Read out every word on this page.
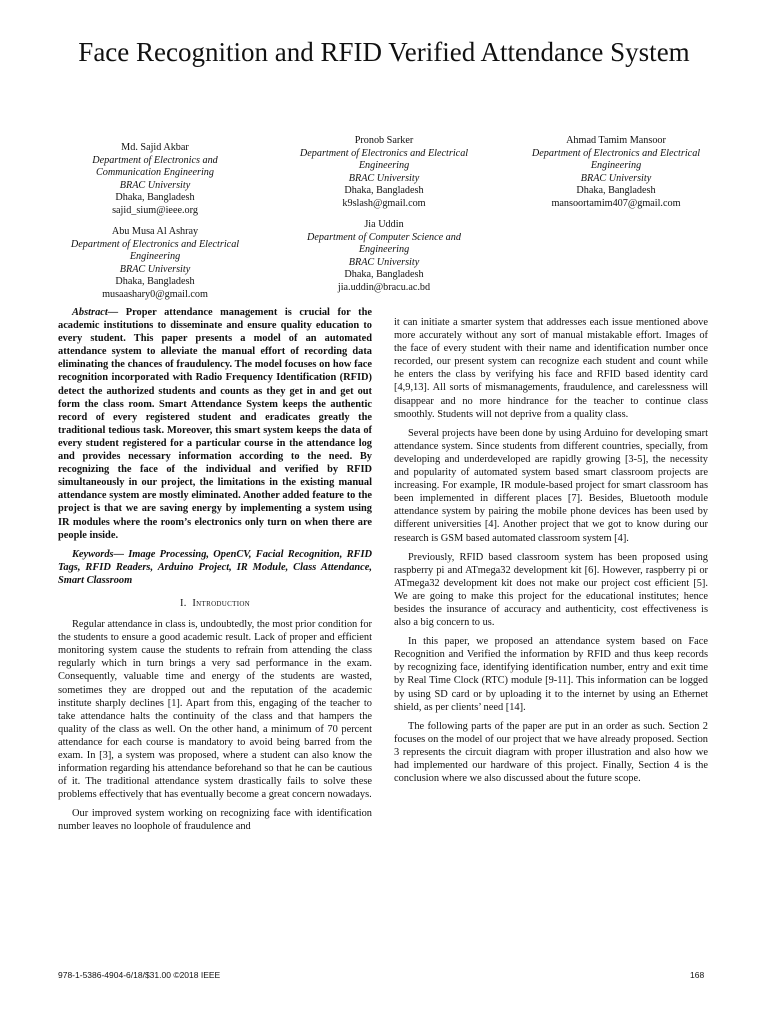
Face Recognition and RFID Verified Attendance System
Md. Sajid Akbar
Department of Electronics and Communication Engineering
BRAC University
Dhaka, Bangladesh
sajid_sium@ieee.org
Pronob Sarker
Department of Electronics and Electrical Engineering
BRAC University
Dhaka, Bangladesh
k9slash@gmail.com
Ahmad Tamim Mansoor
Department of Electronics and Electrical Engineering
BRAC University
Dhaka, Bangladesh
mansoortamim407@gmail.com
Abu Musa Al Ashray
Department of Electronics and Electrical Engineering
BRAC University
Dhaka, Bangladesh
musaashary0@gmail.com
Jia Uddin
Department of Computer Science and Engineering
BRAC University
Dhaka, Bangladesh
jia.uddin@bracu.ac.bd

Abstract— Proper attendance management is crucial for the academic institutions to disseminate and ensure quality education to every student. This paper presents a model of an automated attendance system to alleviate the manual effort of recording data eliminating the chances of fraudulency. The model focuses on how face recognition incorporated with Radio Frequency Identification (RFID) detect the authorized students and counts as they get in and get out form the class room. Smart Attendance System keeps the authentic record of every registered student and eradicates greatly the traditional tedious task. Moreover, this smart system keeps the data of every student registered for a particular course in the attendance log and provides necessary information according to the need. By recognizing the face of the individual and verified by RFID simultaneously in our project, the limitations in the existing manual attendance system are mostly eliminated. Another added feature to the project is that we are saving energy by implementing a system using IR modules where the room’s electronics only turn on when there are people inside.

Keywords— Image Processing, OpenCV, Facial Recognition, RFID Tags, RFID Readers, Arduino Project, IR Module, Class Attendance, Smart Classroom

I. Introduction

Regular attendance in class is, undoubtedly, the most prior condition for the students to ensure a good academic result. Lack of proper and efficient monitoring system cause the students to refrain from attending the class regularly which in turn brings a very sad performance in the exam. Consequently, valuable time and energy of the students are wasted, sometimes they are dropped out and the reputation of the academic institute sharply declines [1]. Apart from this, engaging of the teacher to take attendance halts the continuity of the class and that hampers the quality of the class as well. On the other hand, a minimum of 70 percent attendance for each course is mandatory to avoid being barred from the exam. In [3], a system was proposed, where a student can also know the information regarding his attendance beforehand so that he can be cautious of it. The traditional attendance system drastically fails to solve these problems effectively that has eventually become a great concern nowadays.

Our improved system working on recognizing face with identification number leaves no loophole of fraudulence and

it can initiate a smarter system that addresses each issue mentioned above more accurately without any sort of manual mistakable effort. Images of the face of every student with their name and identification number once recorded, our present system can recognize each student and count while he enters the class by verifying his face and RFID based identity card [4,9,13]. All sorts of mismanagements, fraudulence, and carelessness will disappear and no more hindrance for the teacher to continue class smoothly. Students will not deprive from a quality class.

Several projects have been done by using Arduino for developing smart attendance system. Since students from different countries, specially, from developing and underdeveloped are rapidly growing [3-5], the necessity and popularity of automated system based smart classroom projects are increasing. For example, IR module-based project for smart classroom has been implemented in different places [7]. Besides, Bluetooth module attendance system by pairing the mobile phone devices has been used by different universities [4]. Another project that we got to know during our research is GSM based automated classroom system [4].

Previously, RFID based classroom system has been proposed using raspberry pi and ATmega32 development kit [6]. However, raspberry pi or ATmega32 development kit does not make our project cost efficient [5]. We are going to make this project for the educational institutes; hence besides the insurance of accuracy and authenticity, cost effectiveness is also a big concern to us.

In this paper, we proposed an attendance system based on Face Recognition and Verified the information by RFID and thus keep records by recognizing face, identifying identification number, entry and exit time by Real Time Clock (RTC) module [9-11]. This information can be logged by using SD card or by uploading it to the internet by using an Ethernet shield, as per clients’ need [14].

The following parts of the paper are put in an order as such. Section 2 focuses on the model of our project that we have already proposed. Section 3 represents the circuit diagram with proper illustration and also how we had implemented our hardware of this project. Finally, Section 4 is the conclusion where we also discussed about the future scope.

978-1-5386-4904-6/18/$31.00 ©2018 IEEE	168
